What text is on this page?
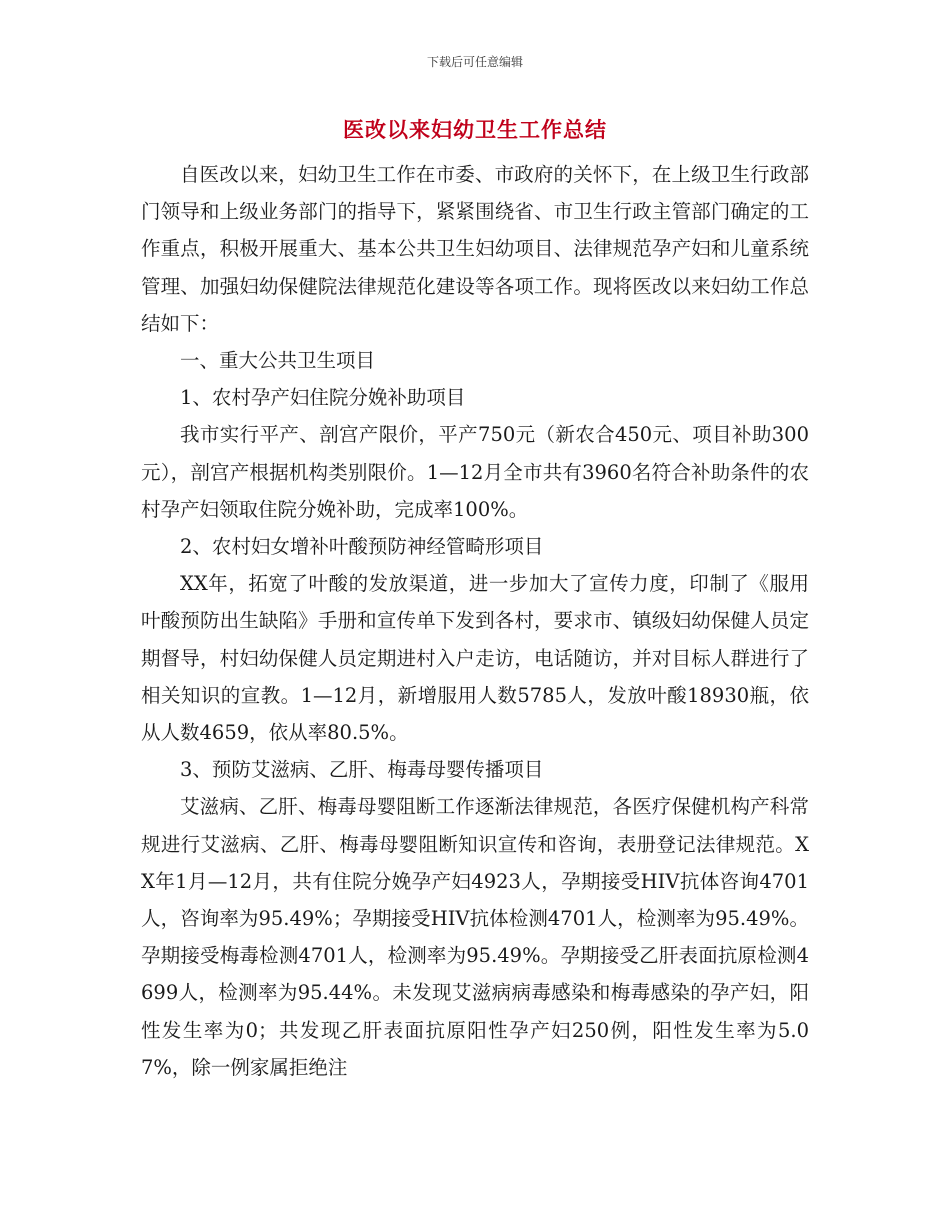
下载后可任意编辑
医改以来妇幼卫生工作总结

自医改以来，妇幼卫生工作在市委、市政府的关怀下，在上级卫生行政部门领导和上级业务部门的指导下，紧紧围绕省、市卫生行政主管部门确定的工作重点，积极开展重大、基本公共卫生妇幼项目、法律规范孕产妇和儿童系统管理、加强妇幼保健院法律规范化建设等各项工作。现将医改以来妇幼工作总结如下：

一、重大公共卫生项目

1、农村孕产妇住院分娩补助项目

我市实行平产、剖宫产限价，平产750元（新农合450元、项目补助300元），剖宫产根据机构类别限价。1—12月全市共有3960名符合补助条件的农村孕产妇领取住院分娩补助，完成率100%。

2、农村妇女增补叶酸预防神经管畸形项目

XX年，拓宽了叶酸的发放渠道，进一步加大了宣传力度，印制了《服用叶酸预防出生缺陷》手册和宣传单下发到各村，要求市、镇级妇幼保健人员定期督导，村妇幼保健人员定期进村入户走访，电话随访，并对目标人群进行了相关知识的宣教。1—12月，新增服用人数5785人，发放叶酸18930瓶，依从人数4659，依从率80.5%。

3、预防艾滋病、乙肝、梅毒母婴传播项目

艾滋病、乙肝、梅毒母婴阻断工作逐渐法律规范，各医疗保健机构产科常规进行艾滋病、乙肝、梅毒母婴阻断知识宣传和咨询，表册登记法律规范。XX年1月—12月，共有住院分娩孕产妇4923人，孕期接受HIV抗体咨询4701人，咨询率为95.49%；孕期接受HIV抗体检测4701人，检测率为95.49%。孕期接受梅毒检测4701人，检测率为95.49%。孕期接受乙肝表面抗原检测4699人，检测率为95.44%。未发现艾滋病病毒感染和梅毒感染的孕产妇，阳性发生率为0；共发现乙肝表面抗原阳性孕产妇250例，阳性发生率为5.07%，除一例家属拒绝注
